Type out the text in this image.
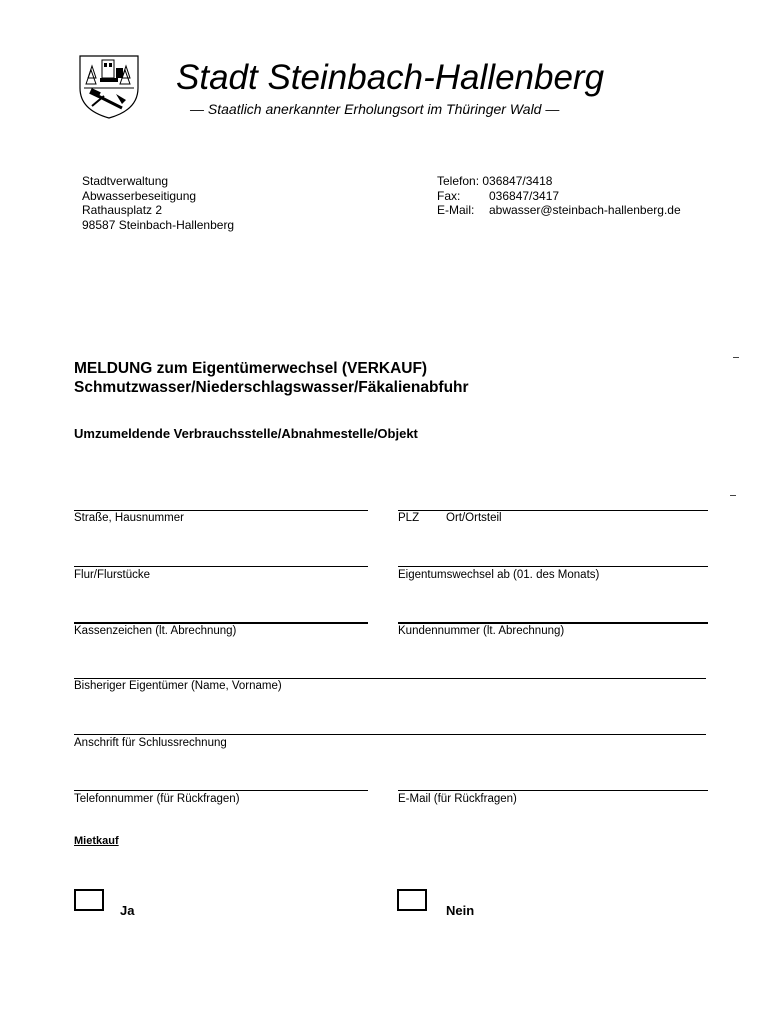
Stadt Steinbach-Hallenberg
— Staatlich anerkannter Erholungsort im Thüringer Wald —
Stadtverwaltung
Abwasserbeseitigung
Rathausplatz 2
98587 Steinbach-Hallenberg
Telefon: 036847/3418
Fax: 036847/3417
E-Mail: abwasser@steinbach-hallenberg.de
MELDUNG zum Eigentümerwechsel (VERKAUF)
Schmutzwasser/Niederschlagswasser/Fäkalienabfuhr
Umzumeldende Verbrauchsstelle/Abnahmestelle/Objekt
Straße, Hausnummer	PLZ Ort/Ortsteil
Flur/Flurstücke	Eigentumswechsel ab (01. des Monats)
Kassenzeichen (lt. Abrechnung)	Kundennummer (lt. Abrechnung)
Bisheriger Eigentümer (Name, Vorname)
Anschrift für Schlussrechnung
Telefonnummer (für Rückfragen)	E-Mail (für Rückfragen)
Mietkauf
Ja	Nein
